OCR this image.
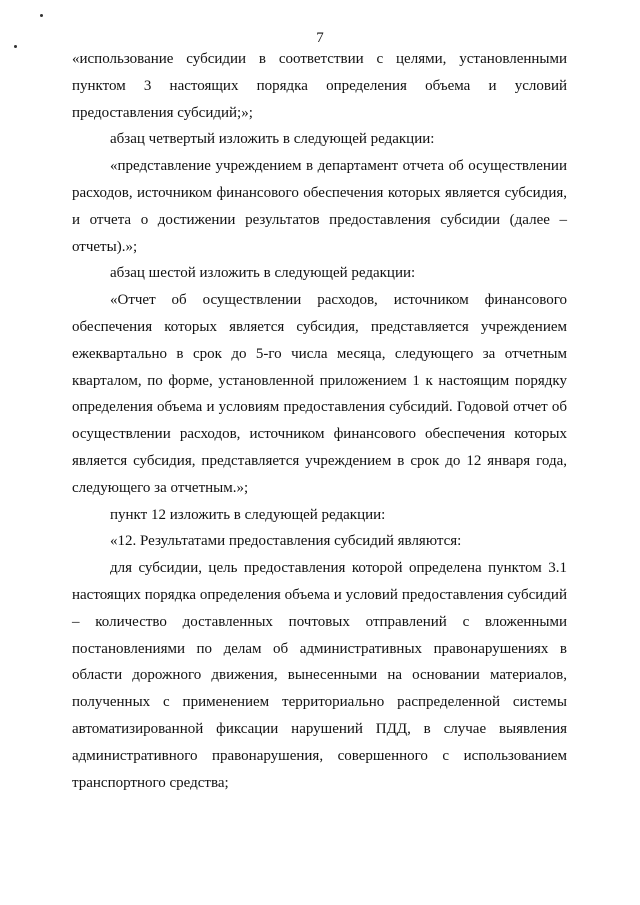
7

«использование субсидии в соответствии с целями, установленными пунктом 3 настоящих порядка определения объема и условий предоставления субсидий;»;

абзац четвертый изложить в следующей редакции:

«представление учреждением в департамент отчета об осуществлении расходов, источником финансового обеспечения которых является субсидия, и отчета о достижении результатов предоставления субсидии (далее – отчеты).»;

абзац шестой изложить в следующей редакции:

«Отчет об осуществлении расходов, источником финансового обеспечения которых является субсидия, представляется учреждением ежеквартально в срок до 5-го числа месяца, следующего за отчетным кварталом, по форме, установленной приложением 1 к настоящим порядку определения объема и условиям предоставления субсидий. Годовой отчет об осуществлении расходов, источником финансового обеспечения которых является субсидия, представляется учреждением в срок до 12 января года, следующего за отчетным.»;

пункт 12 изложить в следующей редакции:

«12. Результатами предоставления субсидий являются:

для субсидии, цель предоставления которой определена пунктом 3.1 настоящих порядка определения объема и условий предоставления субсидий – количество доставленных почтовых отправлений с вложенными постановлениями по делам об административных правонарушениях в области дорожного движения, вынесенными на основании материалов, полученных с применением территориально распределенной системы автоматизированной фиксации нарушений ПДД, в случае выявления административного правонарушения, совершенного с использованием транспортного средства;
